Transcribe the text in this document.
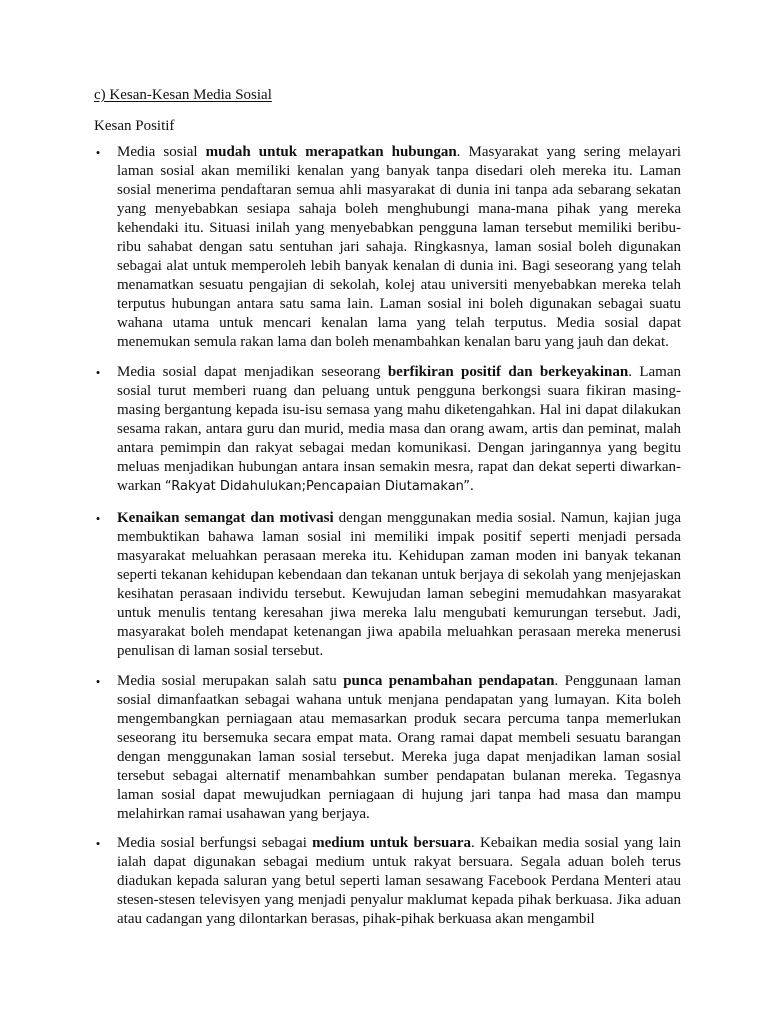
c) Kesan-Kesan Media Sosial
Kesan Positif
• Media sosial mudah untuk merapatkan hubungan. Masyarakat yang sering melayari laman sosial akan memiliki kenalan yang banyak tanpa disedari oleh mereka itu. Laman sosial menerima pendaftaran semua ahli masyarakat di dunia ini tanpa ada sebarang sekatan yang menyebabkan sesiapa sahaja boleh menghubungi mana-mana pihak yang mereka kehendaki itu. Situasi inilah yang menyebabkan pengguna laman tersebut memiliki beribu-ribu sahabat dengan satu sentuhan jari sahaja. Ringkasnya, laman sosial boleh digunakan sebagai alat untuk memperoleh lebih banyak kenalan di dunia ini. Bagi seseorang yang telah menamatkan sesuatu pengajian di sekolah, kolej atau universiti menyebabkan mereka telah terputus hubungan antara satu sama lain. Laman sosial ini boleh digunakan sebagai suatu wahana utama untuk mencari kenalan lama yang telah terputus. Media sosial dapat menemukan semula rakan lama dan boleh menambahkan kenalan baru yang jauh dan dekat.

• Media sosial dapat menjadikan seseorang berfikiran positif dan berkeyakinan. Laman sosial turut memberi ruang dan peluang untuk pengguna berkongsi suara fikiran masing-masing bergantung kepada isu-isu semasa yang mahu diketengahkan. Hal ini dapat dilakukan sesama rakan, antara guru dan murid, media masa dan orang awam, artis dan peminat, malah antara pemimpin dan rakyat sebagai medan komunikasi. Dengan jaringannya yang begitu meluas menjadikan hubungan antara insan semakin mesra, rapat dan dekat seperti diwarkan-warkan “Rakyat Didahulukan;Pencapaian Diutamakan”.

• Kenaikan semangat dan motivasi dengan menggunakan media sosial. Namun, kajian juga membuktikan bahawa laman sosial ini memiliki impak positif seperti menjadi persada masyarakat meluahkan perasaan mereka itu. Kehidupan zaman moden ini banyak tekanan seperti tekanan kehidupan kebendaan dan tekanan untuk berjaya di sekolah yang menjejaskan kesihatan perasaan individu tersebut. Kewujudan laman sebegini memudahkan masyarakat untuk menulis tentang keresahan jiwa mereka lalu mengubati kemurungan tersebut. Jadi, masyarakat boleh mendapat ketenangan jiwa apabila meluahkan perasaan mereka menerusi penulisan di laman sosial tersebut.

• Media sosial merupakan salah satu punca penambahan pendapatan. Penggunaan laman sosial dimanfaatkan sebagai wahana untuk menjana pendapatan yang lumayan. Kita boleh mengembangkan perniagaan atau memasarkan produk secara percuma tanpa memerlukan seseorang itu bersemuka secara empat mata. Orang ramai dapat membeli sesuatu barangan dengan menggunakan laman sosial tersebut. Mereka juga dapat menjadikan laman sosial tersebut sebagai alternatif menambahkan sumber pendapatan bulanan mereka. Tegasnya laman sosial dapat mewujudkan perniagaan di hujung jari tanpa had masa dan mampu melahirkan ramai usahawan yang berjaya.

• Media sosial berfungsi sebagai medium untuk bersuara. Kebaikan media sosial yang lain ialah dapat digunakan sebagai medium untuk rakyat bersuara. Segala aduan boleh terus diadukan kepada saluran yang betul seperti laman sesawang Facebook Perdana Menteri atau stesen-stesen televisyen yang menjadi penyalur maklumat kepada pihak berkuasa. Jika aduan atau cadangan yang dilontarkan berasas, pihak-pihak berkuasa akan mengambil
